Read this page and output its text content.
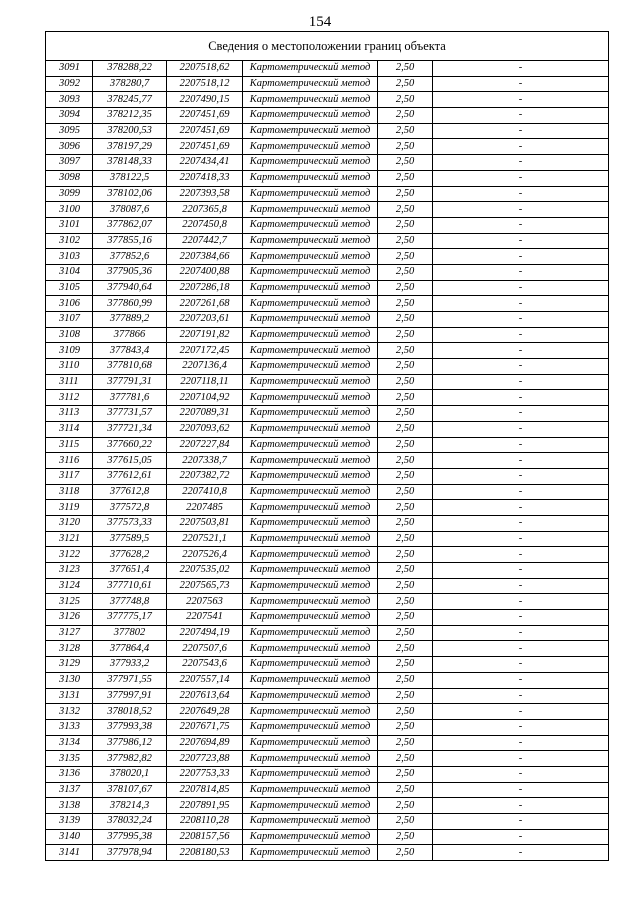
154
Сведения о местоположении границ объекта					
3091	378288,22	2207518,62	Картометрический метод	2,50	-
3092	378280,7	2207518,12	Картометрический метод	2,50	-
3093	378245,77	2207490,15	Картометрический метод	2,50	-
3094	378212,35	2207451,69	Картометрический метод	2,50	-
3095	378200,53	2207451,69	Картометрический метод	2,50	-
3096	378197,29	2207451,69	Картометрический метод	2,50	-
3097	378148,33	2207434,41	Картометрический метод	2,50	-
3098	378122,5	2207418,33	Картометрический метод	2,50	-
3099	378102,06	2207393,58	Картометрический метод	2,50	-
3100	378087,6	2207365,8	Картометрический метод	2,50	-
3101	377862,07	2207450,8	Картометрический метод	2,50	-
3102	377855,16	2207442,7	Картометрический метод	2,50	-
3103	377852,6	2207384,66	Картометрический метод	2,50	-
3104	377905,36	2207400,88	Картометрический метод	2,50	-
3105	377940,64	2207286,18	Картометрический метод	2,50	-
3106	377860,99	2207261,68	Картометрический метод	2,50	-
3107	377889,2	2207203,61	Картометрический метод	2,50	-
3108	377866	2207191,82	Картометрический метод	2,50	-
3109	377843,4	2207172,45	Картометрический метод	2,50	-
3110	377810,68	2207136,4	Картометрический метод	2,50	-
3111	377791,31	2207118,11	Картометрический метод	2,50	-
3112	377781,6	2207104,92	Картометрический метод	2,50	-
3113	377731,57	2207089,31	Картометрический метод	2,50	-
3114	377721,34	2207093,62	Картометрический метод	2,50	-
3115	377660,22	2207227,84	Картометрический метод	2,50	-
3116	377615,05	2207338,7	Картометрический метод	2,50	-
3117	377612,61	2207382,72	Картометрический метод	2,50	-
3118	377612,8	2207410,8	Картометрический метод	2,50	-
3119	377572,8	2207485	Картометрический метод	2,50	-
3120	377573,33	2207503,81	Картометрический метод	2,50	-
3121	377589,5	2207521,1	Картометрический метод	2,50	-
3122	377628,2	2207526,4	Картометрический метод	2,50	-
3123	377651,4	2207535,02	Картометрический метод	2,50	-
3124	377710,61	2207565,73	Картометрический метод	2,50	-
3125	377748,8	2207563	Картометрический метод	2,50	-
3126	377775,17	2207541	Картометрический метод	2,50	-
3127	377802	2207494,19	Картометрический метод	2,50	-
3128	377864,4	2207507,6	Картометрический метод	2,50	-
3129	377933,2	2207543,6	Картометрический метод	2,50	-
3130	377971,55	2207557,14	Картометрический метод	2,50	-
3131	377997,91	2207613,64	Картометрический метод	2,50	-
3132	378018,52	2207649,28	Картометрический метод	2,50	-
3133	377993,38	2207671,75	Картометрический метод	2,50	-
3134	377986,12	2207694,89	Картометрический метод	2,50	-
3135	377982,82	2207723,88	Картометрический метод	2,50	-
3136	378020,1	2207753,33	Картометрический метод	2,50	-
3137	378107,67	2207814,85	Картометрический метод	2,50	-
3138	378214,3	2207891,95	Картометрический метод	2,50	-
3139	378032,24	2208110,28	Картометрический метод	2,50	-
3140	377995,38	2208157,56	Картометрический метод	2,50	-
3141	377978,94	2208180,53	Картометрический метод	2,50	-
